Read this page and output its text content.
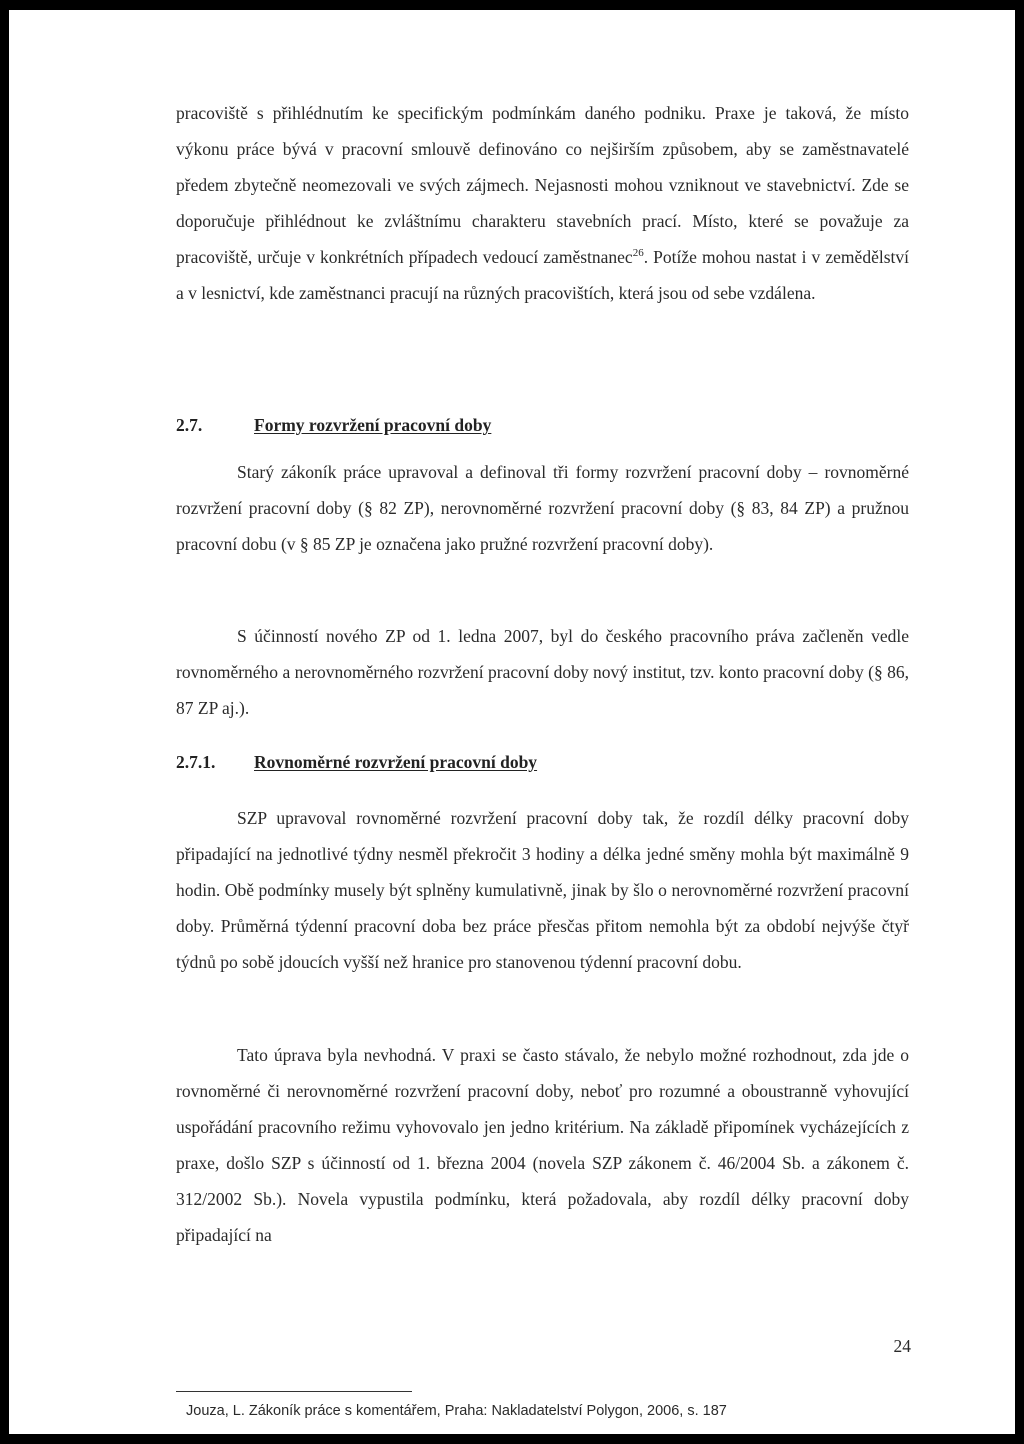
pracoviště s přihlédnutím ke specifickým podmínkám daného podniku. Praxe je taková, že místo výkonu práce bývá v pracovní smlouvě definováno co nejširším způsobem, aby se zaměstnavatelé předem zbytečně neomezovali ve svých zájmech. Nejasnosti mohou vzniknout ve stavebnictví. Zde se doporučuje přihlédnout ke zvláštnímu charakteru stavebních prací. Místo, které se považuje za pracoviště, určuje v konkrétních případech vedoucí zaměstnanec$^{26}$. Potíže mohou nastat i v zemědělství a v lesnictví, kde zaměstnanci pracují na různých pracovištích, která jsou od sebe vzdálena.
2.7.	Formy rozvržení pracovní doby
Starý zákoník práce upravoval a definoval tři formy rozvržení pracovní doby – rovnoměrné rozvržení pracovní doby (§ 82 ZP), nerovnoměrné rozvržení pracovní doby (§ 83, 84 ZP) a pružnou pracovní dobu (v § 85 ZP je označena jako pružné rozvržení pracovní doby).
S účinností nového ZP od 1. ledna 2007, byl do českého pracovního práva začleněn vedle rovnoměrného a nerovnoměrného rozvržení pracovní doby nový institut, tzv. konto pracovní doby (§ 86, 87 ZP aj.).
2.7.1. Rovnoměrné rozvržení pracovní doby
SZP upravoval rovnoměrné rozvržení pracovní doby tak, že rozdíl délky pracovní doby připadající na jednotlivé týdny nesměl překročit 3 hodiny a délka jedné směny mohla být maximálně 9 hodin. Obě podmínky musely být splněny kumulativně, jinak by šlo o nerovnoměrné rozvržení pracovní doby. Průměrná týdenní pracovní doba bez práce přesčas přitom nemohla být za období nejvýše čtyř týdnů po sobě jdoucích vyšší než hranice pro stanovenou týdenní pracovní dobu.
Tato úprava byla nevhodná. V praxi se často stávalo, že nebylo možné rozhodnout, zda jde o rovnoměrné či nerovnoměrné rozvržení pracovní doby, neboť pro rozumné a oboustranně vyhovující uspořádání pracovního režimu vyhovovalo jen jedno kritérium. Na základě připomínek vycházejících z praxe, došlo SZP s účinností od 1. března 2004 (novela SZP zákonem č. 46/2004 Sb. a zákonem č. 312/2002 Sb.). Novela vypustila podmínku, která požadovala, aby rozdíl délky pracovní doby připadající na
Jouza, L. Zákoník práce s komentářem, Praha: Nakladatelství Polygon, 2006, s. 187
24
